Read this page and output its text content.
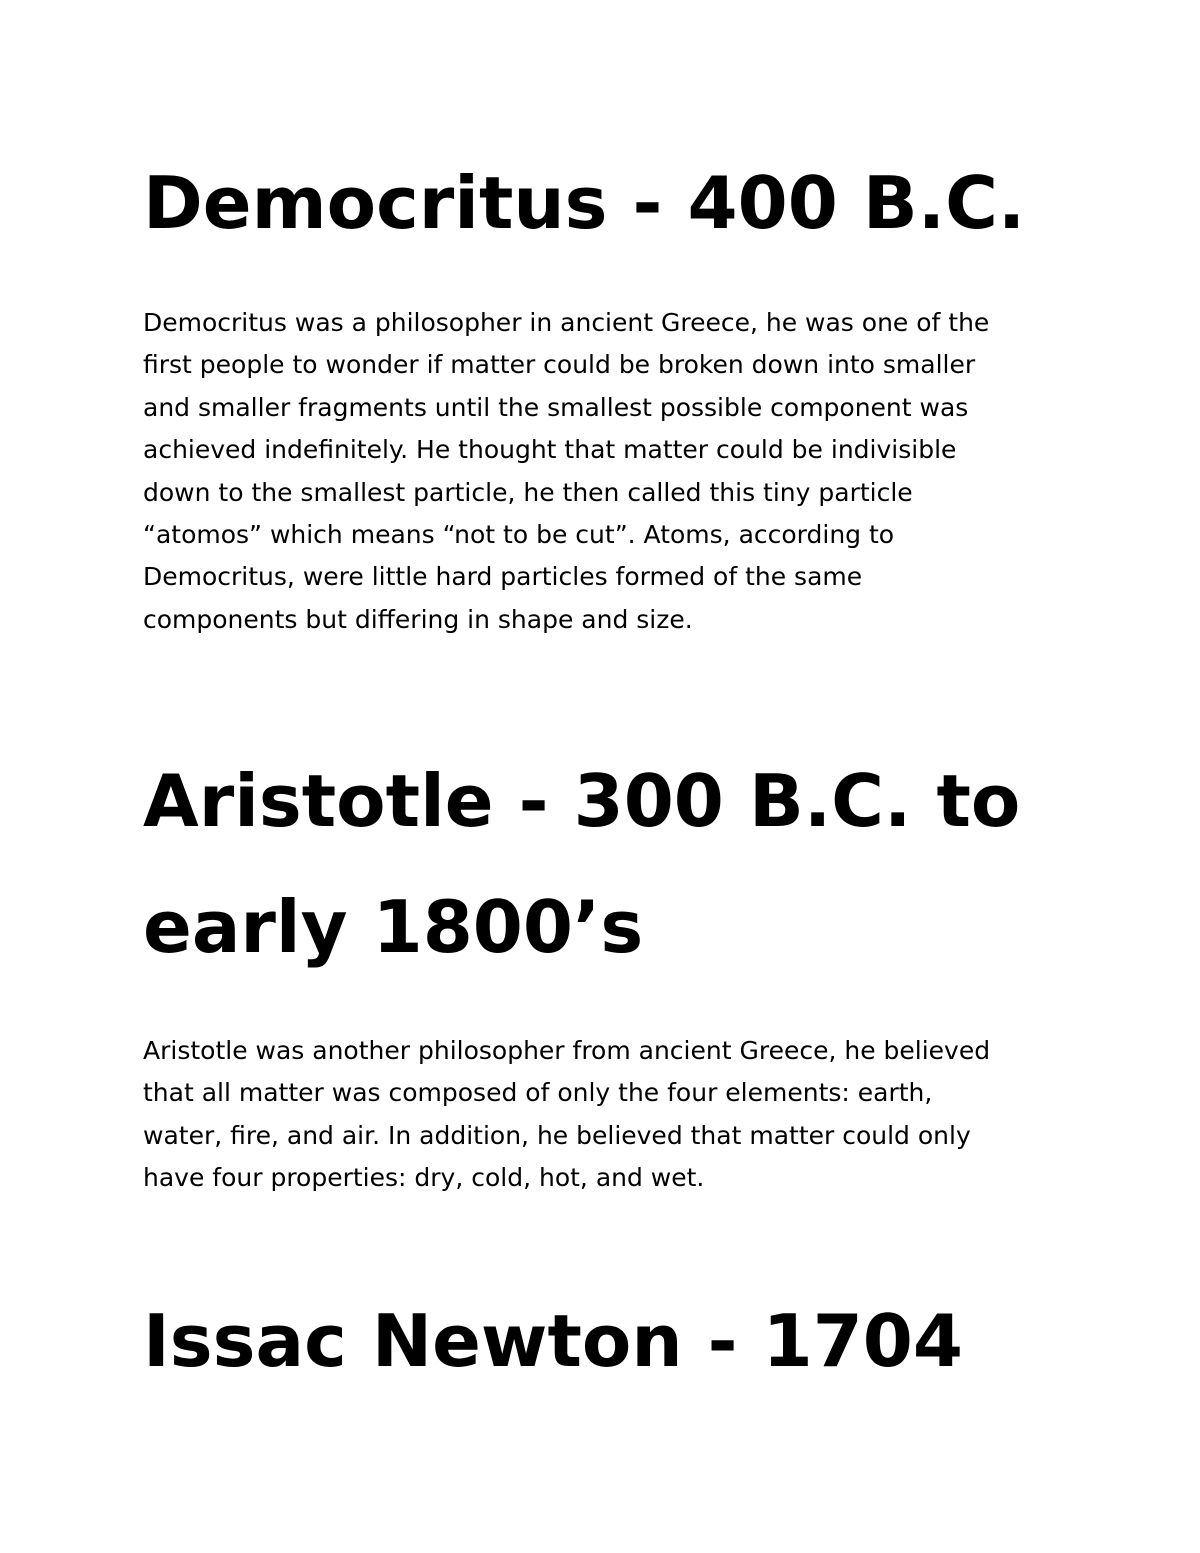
Democritus - 400 B.C.

Democritus was a philosopher in ancient Greece, he was one of the
first people to wonder if matter could be broken down into smaller
and smaller fragments until the smallest possible component was
achieved indefinitely. He thought that matter could be indivisible
down to the smallest particle, he then called this tiny particle
“atomos” which means “not to be cut”. Atoms, according to
Democritus, were little hard particles formed of the same
components but differing in shape and size.

Aristotle - 300 B.C. to
early 1800’s

Aristotle was another philosopher from ancient Greece, he believed
that all matter was composed of only the four elements: earth,
water, fire, and air. In addition, he believed that matter could only
have four properties: dry, cold, hot, and wet.

Issac Newton - 1704
